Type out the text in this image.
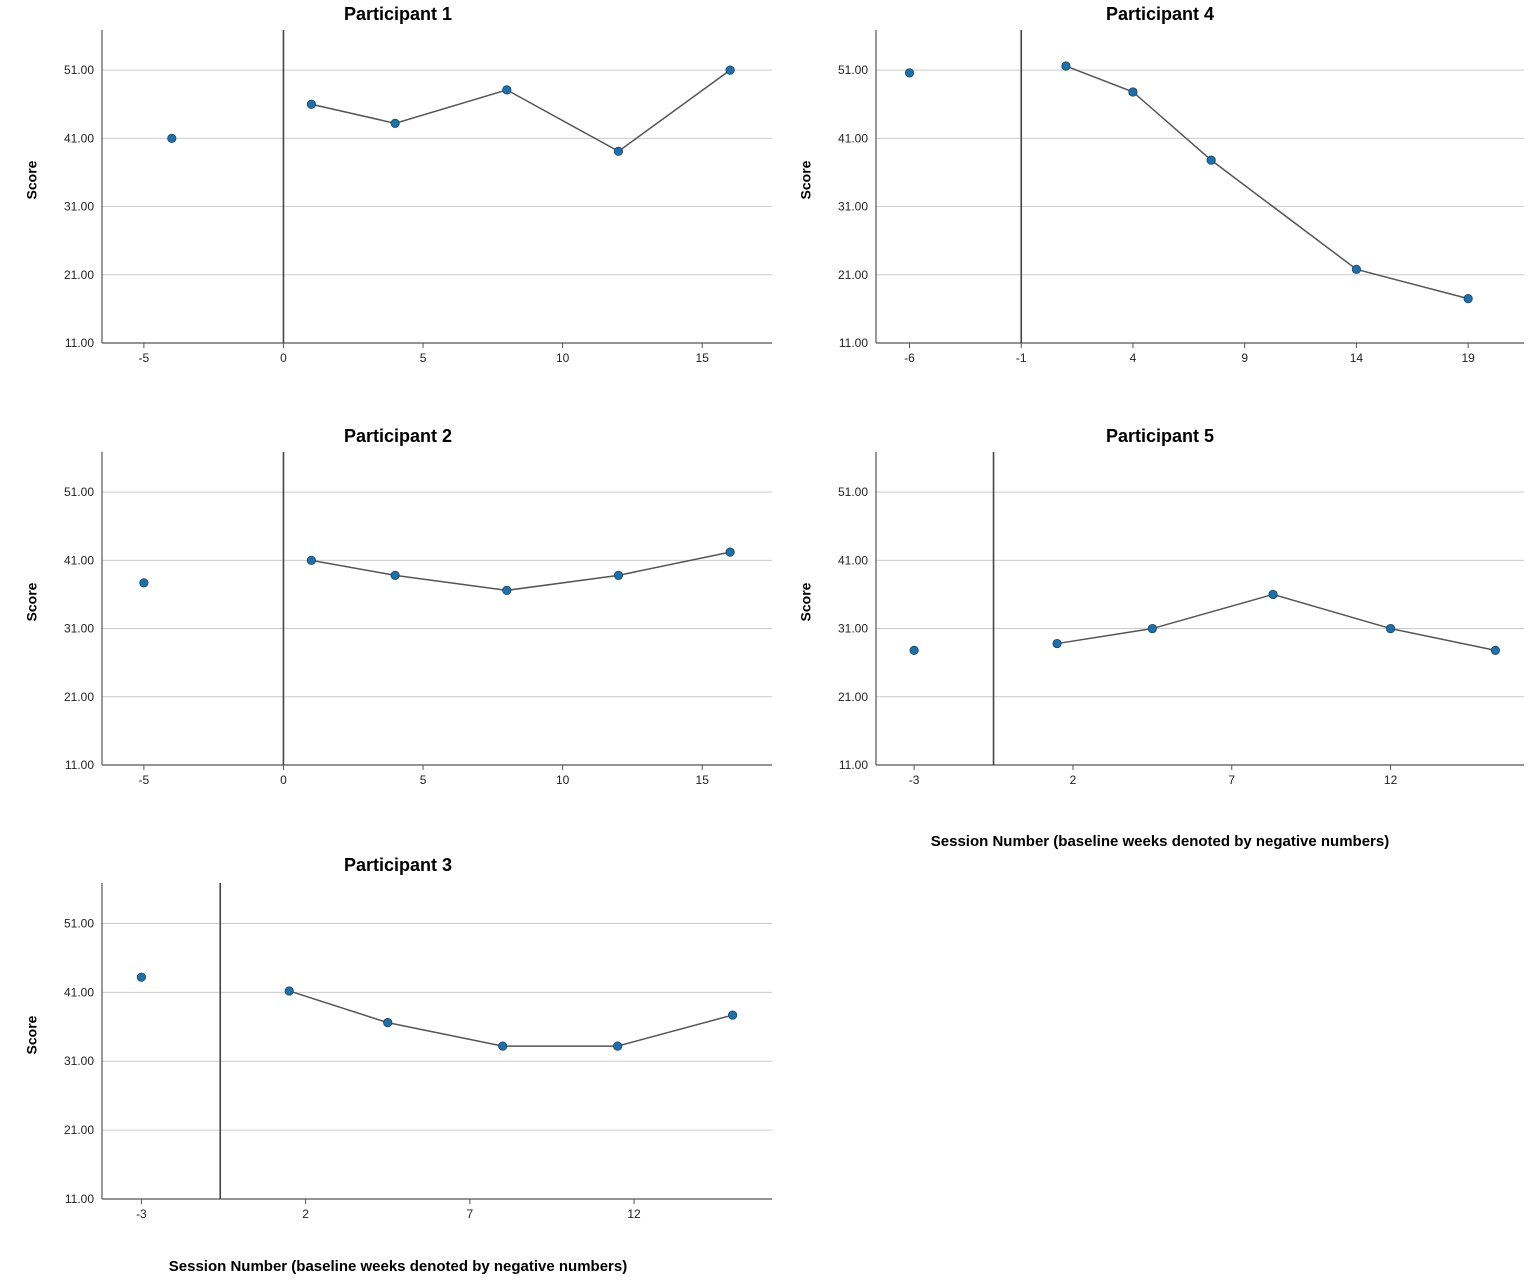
Participant 1
Score
11.00
21.00
31.00
41.00
51.00
-5	0	5	10	15
Participant 4
Score
11.00
21.00
31.00
41.00
51.00
-6	-1	4	9	14	19
Participant 2
Score
11.00
21.00
31.00
41.00
51.00
-5	0	5	10	15
Participant 5
Score
11.00
21.00
31.00
41.00
51.00
-3	2	7	12
Session Number (baseline weeks denoted by negative numbers)
Participant 3
Score
11.00
21.00
31.00
41.00
51.00
-3	2	7	12
Session Number (baseline weeks denoted by negative numbers)
